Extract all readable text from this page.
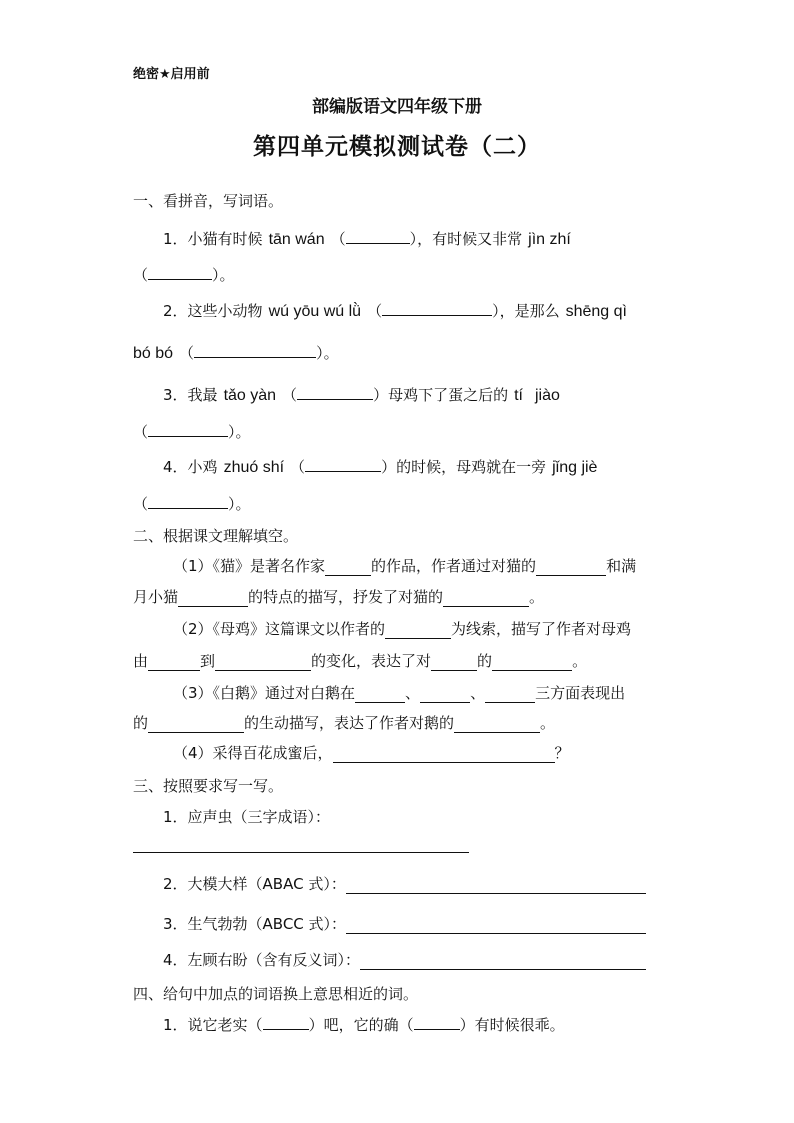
绝密★启用前
部编版语文四年级下册
第四单元模拟测试卷（二）
一、看拼音，写词语。
1．小猫有时候 tān wán （	），有时候又非常 jìn zhí
（	）。
2．这些小动物 wú yōu wú lǜ （	），是那么 shēng qì
bó bó （	）。
3．我最 tǎo yàn （	）母鸡下了蛋之后的 tí jiào
（	）。
4．小鸡 zhuó shí （	）的时候，母鸡就在一旁 jǐng jiè
（	）。
二、根据课文理解填空。
（1）《猫》是著名作家	的作品，作者通过对猫的	和满
月小猫	的特点的描写，抒发了对猫的	。
（2）《母鸡》这篇课文以作者的	为线索，描写了作者对母鸡
由	到	的变化，表达了对	的	。
（3）《白鹅》通过对白鹅在	、	、	三方面表现出
的	的生动描写，表达了作者对鹅的	。
（4）采得百花成蜜后，	？
三、按照要求写一写。
1．应声虫（三字成语）：
2．大模大样（ABAC 式）：
3．生气勃勃（ABCC 式）：
4．左顾右盼（含有反义词）：
四、给句中加点的词语换上意思相近的词。
1．说它老实（	）吧，它的确（	）有时候很乖。
